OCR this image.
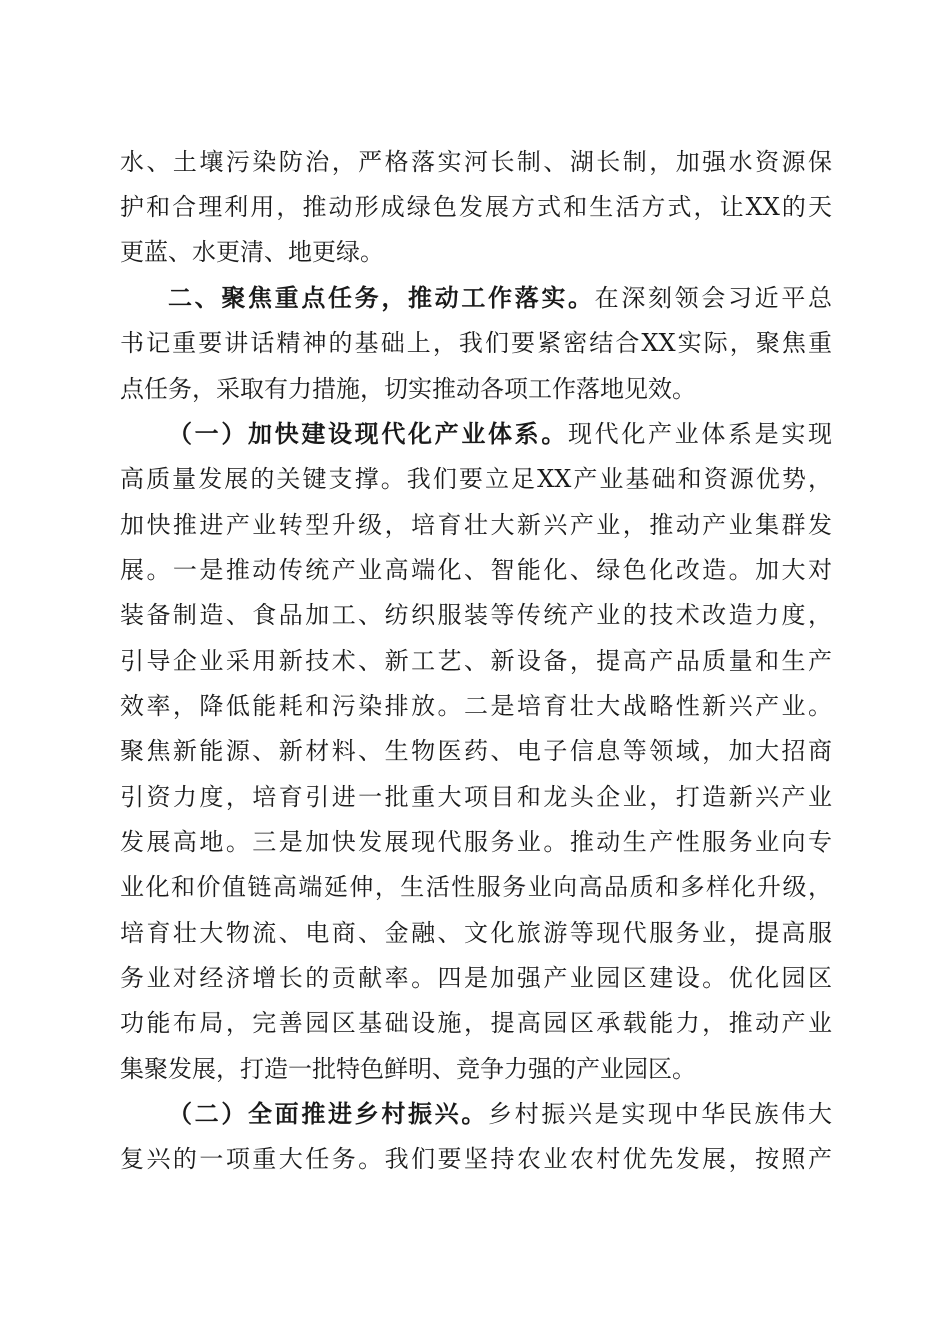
水、土壤污染防治，严格落实河长制、湖长制，加强水资源保
护和合理利用，推动形成绿色发展方式和生活方式，让XX的天
更蓝、水更清、地更绿。
二、聚焦重点任务，推动工作落实。在深刻领会习近平总
书记重要讲话精神的基础上，我们要紧密结合XX实际，聚焦重
点任务，采取有力措施，切实推动各项工作落地见效。
（一）加快建设现代化产业体系。现代化产业体系是实现
高质量发展的关键支撑。我们要立足XX产业基础和资源优势，
加快推进产业转型升级，培育壮大新兴产业，推动产业集群发
展。一是推动传统产业高端化、智能化、绿色化改造。加大对
装备制造、食品加工、纺织服装等传统产业的技术改造力度，
引导企业采用新技术、新工艺、新设备，提高产品质量和生产
效率，降低能耗和污染排放。二是培育壮大战略性新兴产业。
聚焦新能源、新材料、生物医药、电子信息等领域，加大招商
引资力度，培育引进一批重大项目和龙头企业，打造新兴产业
发展高地。三是加快发展现代服务业。推动生产性服务业向专
业化和价值链高端延伸，生活性服务业向高品质和多样化升级，
培育壮大物流、电商、金融、文化旅游等现代服务业，提高服
务业对经济增长的贡献率。四是加强产业园区建设。优化园区
功能布局，完善园区基础设施，提高园区承载能力，推动产业
集聚发展，打造一批特色鲜明、竞争力强的产业园区。
（二）全面推进乡村振兴。乡村振兴是实现中华民族伟大
复兴的一项重大任务。我们要坚持农业农村优先发展，按照产
